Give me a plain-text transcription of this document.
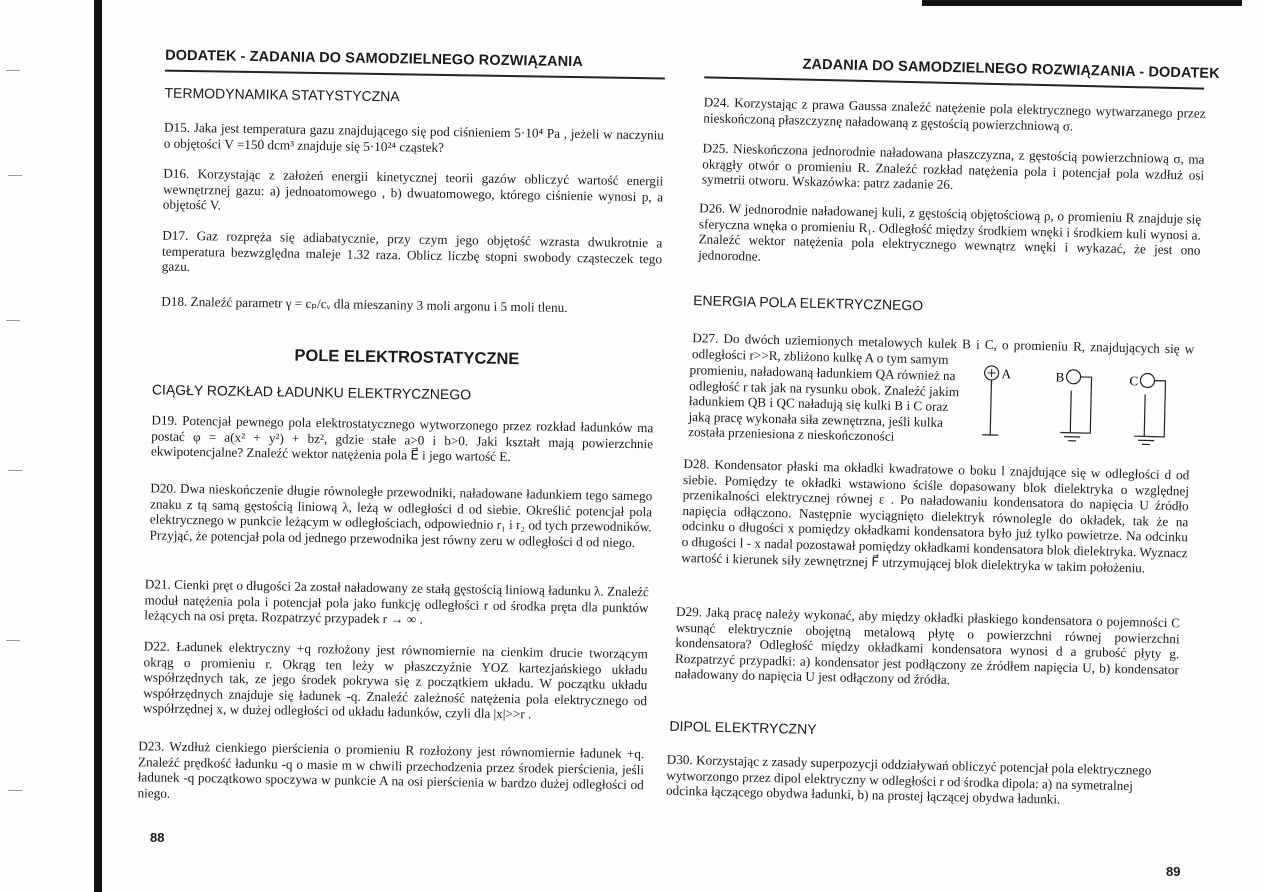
DODATEK - ZADANIA DO SAMODZIELNEGO ROZWIĄZANIA
TERMODYNAMIKA STATYSTYCZNA

D15. Jaka jest temperatura gazu znajdującego się pod ciśnieniem 5·10⁴ Pa , jeżeli w naczyniu o objętości V =150 dcm³ znajduje się 5·10²⁴ cząstek?

D16. Korzystając z założeń energii kinetycznej teorii gazów obliczyć wartość energii wewnętrznej gazu: a) jednoatomowego , b) dwuatomowego, którego ciśnienie wynosi p, a objętość V.

D17. Gaz rozpręża się adiabatycznie, przy czym jego objętość wzrasta dwukrotnie a temperatura bezwzględna maleje 1.32 raza. Oblicz liczbę stopni swobody cząsteczek tego gazu.

D18. Znaleźć parametr γ = cₚ/cᵥ dla mieszaniny 3 moli argonu i 5 moli tlenu.

POLE ELEKTROSTATYCZNE
CIĄGŁY ROZKŁAD ŁADUNKU ELEKTRYCZNEGO

D19. Potencjał pewnego pola elektrostatycznego wytworzonego przez rozkład ładunków ma postać φ = a(x² + y²) + bz², gdzie stałe a>0 i b>0. Jaki kształt mają powierzchnie ekwipotencjalne? Znaleźć wektor natężenia pola E⃗ i jego wartość E.

D20. Dwa nieskończenie długie równoległe przewodniki, naładowane ładunkiem tego samego znaku z tą samą gęstością liniową λ, leżą w odległości d od siebie. Określić potencjał pola elektrycznego w punkcie leżącym w odległościach, odpowiednio r₁ i r₂ od tych przewodników. Przyjąć, że potencjał pola od jednego przewodnika jest równy zeru w odległości d od niego.

D21. Cienki pręt o długości 2a został naładowany ze stałą gęstością liniową ładunku λ. Znaleźć moduł natężenia pola i potencjał pola jako funkcję odległości r od środka pręta dla punktów leżących na osi pręta. Rozpatrzyć przypadek r → ∞ .

D22. Ładunek elektryczny +q rozłożony jest równomiernie na cienkim drucie tworzącym okrąg o promieniu r. Okrąg ten leży w płaszczyźnie YOZ kartezjańskiego układu współrzędnych tak, ze jego środek pokrywa się z początkiem układu. W początku układu współrzędnych znajduje się ładunek -q. Znaleźć zależność natężenia pola elektrycznego od współrzędnej x, w dużej odległości od układu ładunków, czyli dla |x|>>r .

D23. Wzdłuż cienkiego pierścienia o promieniu R rozłożony jest równomiernie ładunek +q. Znaleźć prędkość ładunku -q o masie m w chwili przechodzenia przez środek pierścienia, jeśli ładunek -q początkowo spoczywa w punkcie A na osi pierścienia w bardzo dużej odległości od niego.

88
ZADANIA DO SAMODZIELNEGO ROZWIĄZANIA - DODATEK

D24. Korzystając z prawa Gaussa znaleźć natężenie pola elektrycznego wytwarzanego przez nieskończoną płaszczyznę naładowaną z gęstością powierzchniową σ.

D25. Nieskończona jednorodnie naładowana płaszczyzna, z gęstością powierzchniową σ, ma okrągły otwór o promieniu R. Znaleźć rozkład natężenia pola i potencjał pola wzdłuż osi symetrii otworu. Wskazówka: patrz zadanie 26.

D26. W jednorodnie naładowanej kuli, z gęstością objętościową ρ, o promieniu R znajduje się sferyczna wnęka o promieniu R₁. Odległość między środkiem wnęki i środkiem kuli wynosi a. Znaleźć wektor natężenia pola elektrycznego wewnątrz wnęki i wykazać, że jest ono jednorodne.

ENERGIA POLA ELEKTRYCZNEGO

D27. Do dwóch uziemionych metalowych kulek B i C, o promieniu R, znajdujących się w odległości r>>R, zbliżono kulkę A o tym samym

promieniu, naładowaną ładunkiem QA również na odległość r tak jak na rysunku obok. Znaleźć jakim ładunkiem QB i QC naładują się kulki B i C oraz jaką pracę wykonała siła zewnętrzna, jeśli kulka została przeniesiona z nieskończoności

A	B	C

D28. Kondensator płaski ma okładki kwadratowe o boku l znajdujące się w odległości d od siebie. Pomiędzy te okładki wstawiono ściśle dopasowany blok dielektryka o względnej przenikalności elektrycznej równej ε . Po naładowaniu kondensatora do napięcia U źródło napięcia odłączono. Następnie wyciągnięto dielektryk równolegle do okładek, tak że na odcinku o długości x pomiędzy okładkami kondensatora było już tylko powietrze. Na odcinku o długości l - x nadal pozostawał pomiędzy okładkami kondensatora blok dielektryka. Wyznacz wartość i kierunek siły zewnętrznej F⃗ utrzymującej blok dielektryka w takim położeniu.

D29. Jaką pracę należy wykonać, aby między okładki płaskiego kondensatora o pojemności C wsunąć elektrycznie obojętną metalową płytę o powierzchni równej powierzchni kondensatora? Odległość między okładkami kondensatora wynosi d a grubość płyty g. Rozpatrzyć przypadki: a) kondensator jest podłączony ze źródłem napięcia U, b) kondensator naładowany do napięcia U jest odłączony od źródła.

DIPOL ELEKTRYCZNY

D30. Korzystając z zasady superpozycji oddziaływań obliczyć potencjał pola elektrycznego wytworzongo przez dipol elektryczny w odległości r od środka dipola: a) na symetralnej odcinka łączącego obydwa ładunki, b) na prostej łączącej obydwa ładunki.

89
